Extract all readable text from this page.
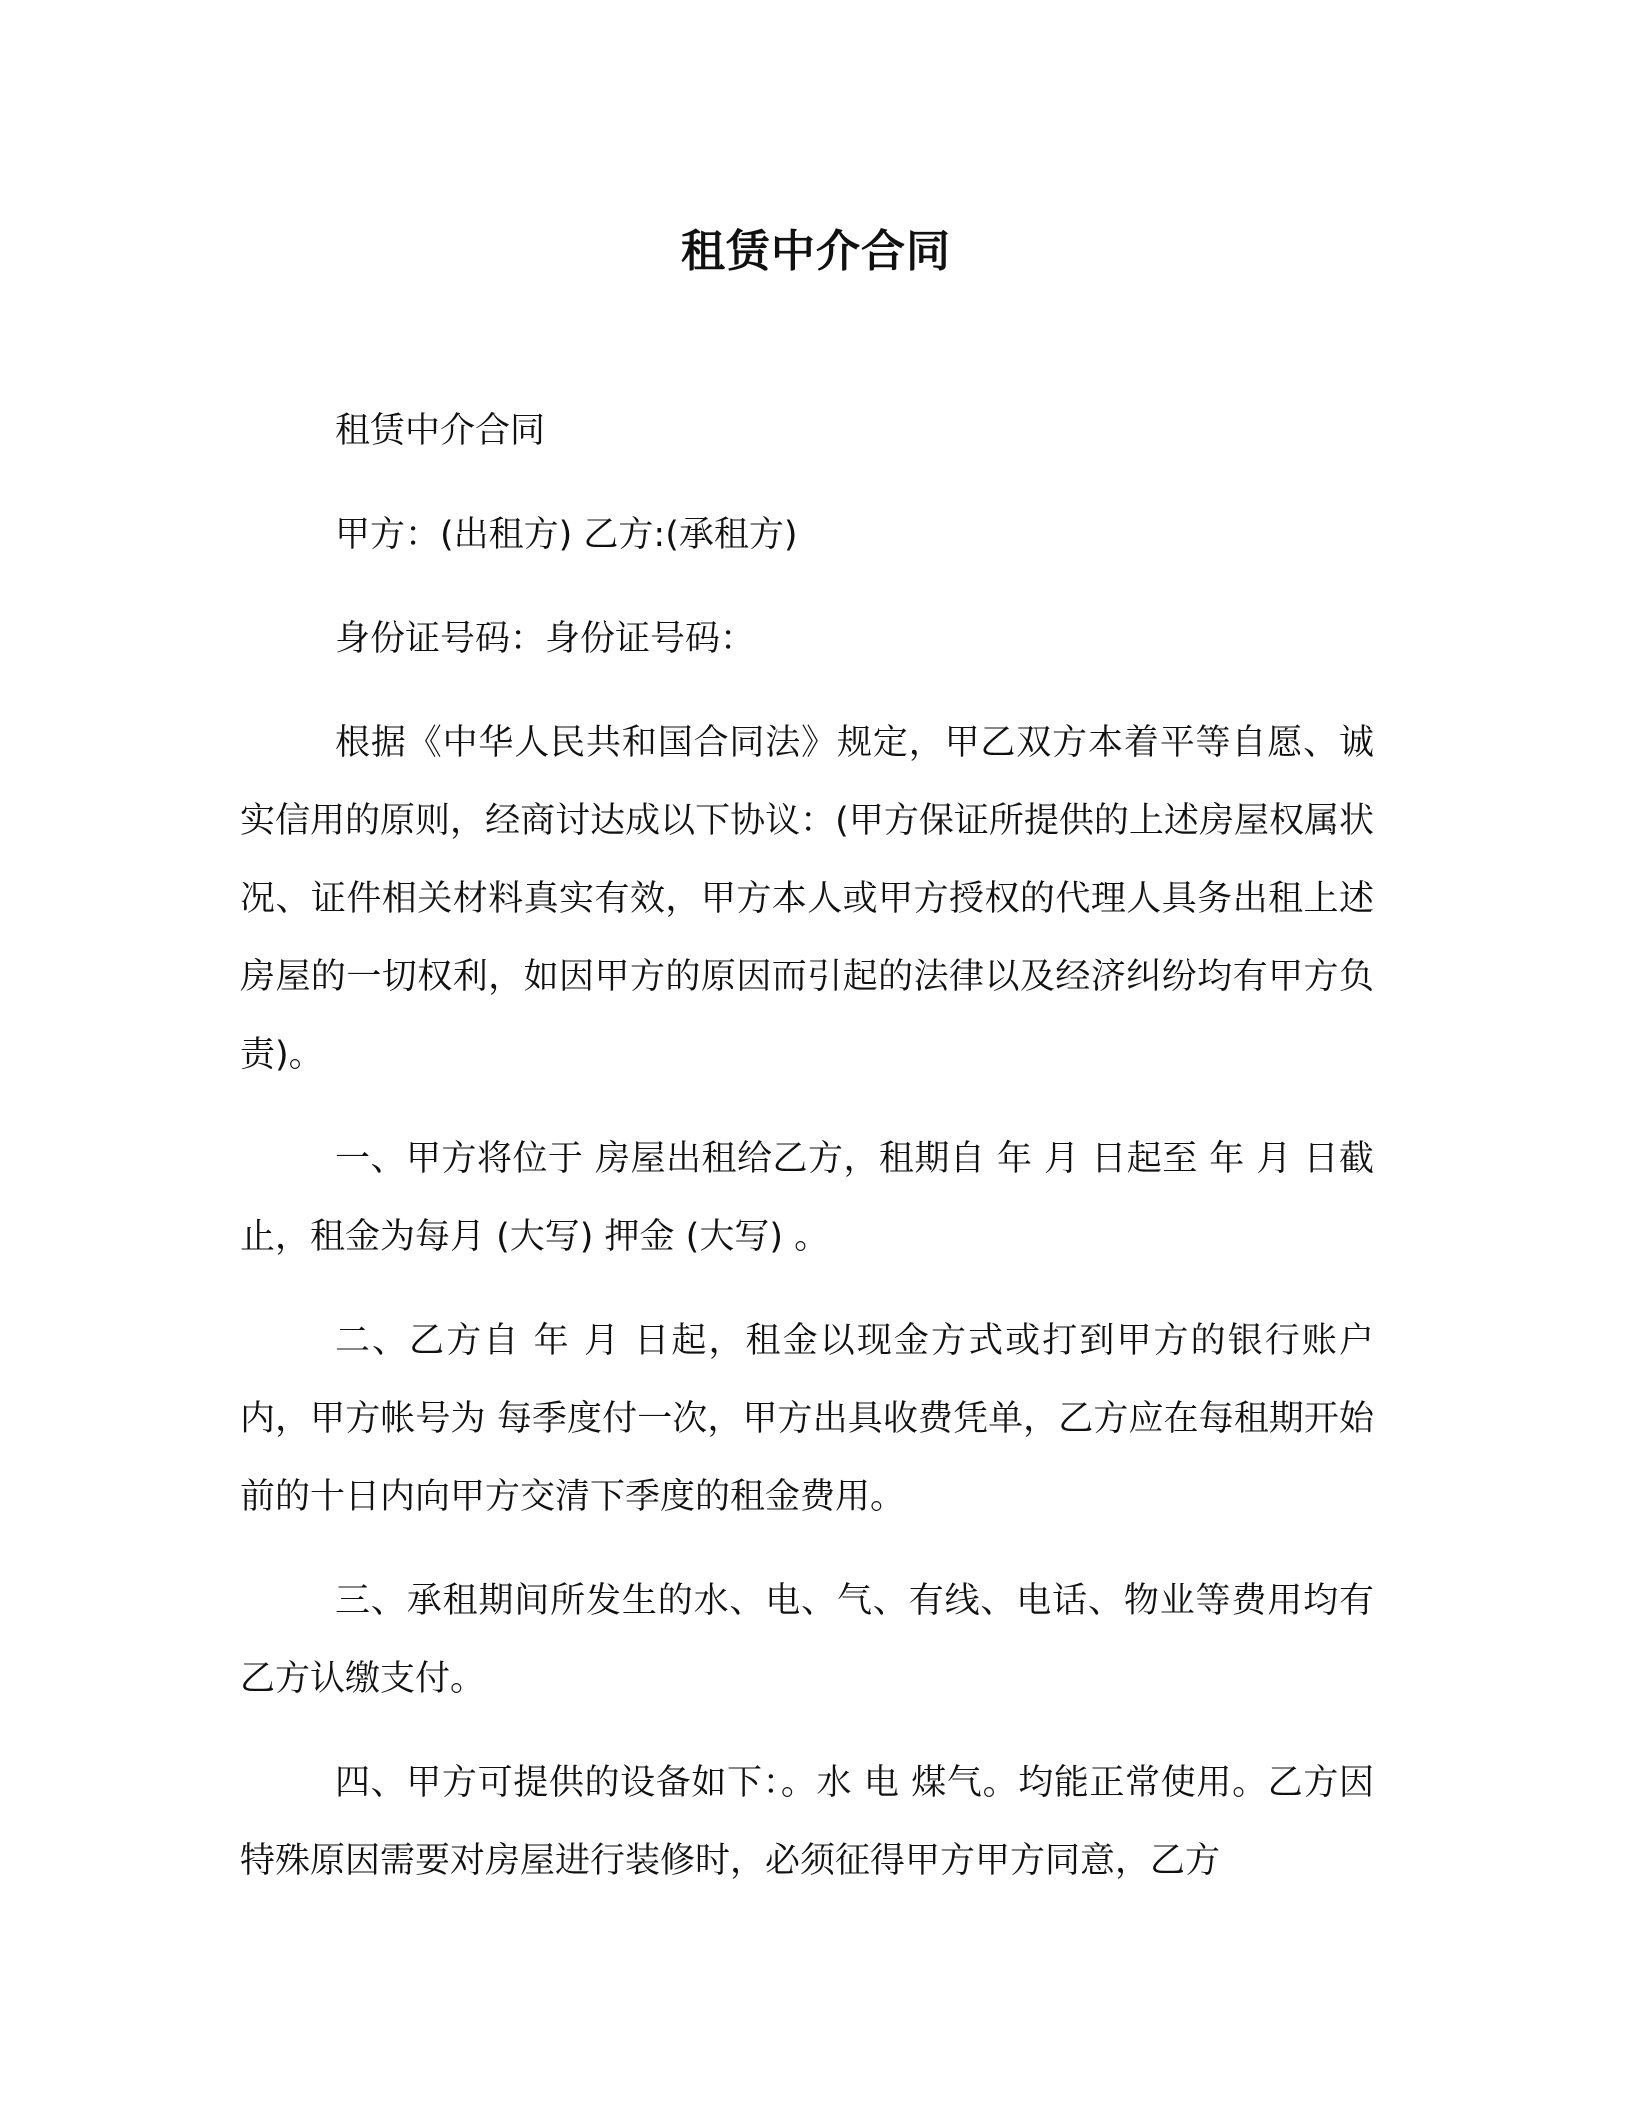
租赁中介合同

租赁中介合同

甲方：(出租方) 乙方:(承租方)

身份证号码：身份证号码：

根据《中华人民共和国合同法》规定，甲乙双方本着平等自愿、诚实信用的原则，经商讨达成以下协议：(甲方保证所提供的上述房屋权属状况、证件相关材料真实有效，甲方本人或甲方授权的代理人具务出租上述房屋的一切权利，如因甲方的原因而引起的法律以及经济纠纷均有甲方负责)。

一、甲方将位于 房屋出租给乙方，租期自 年 月 日起至 年 月 日截止，租金为每月 (大写) 押金 (大写) 。

二、乙方自 年 月 日起，租金以现金方式或打到甲方的银行账户内，甲方帐号为 每季度付一次，甲方出具收费凭单，乙方应在每租期开始前的十日内向甲方交清下季度的租金费用。

三、承租期间所发生的水、电、气、有线、电话、物业等费用均有乙方认缴支付。

四、甲方可提供的设备如下：。水 电 煤气。均能正常使用。乙方因特殊原因需要对房屋进行装修时，必须征得甲方甲方同意，乙方
